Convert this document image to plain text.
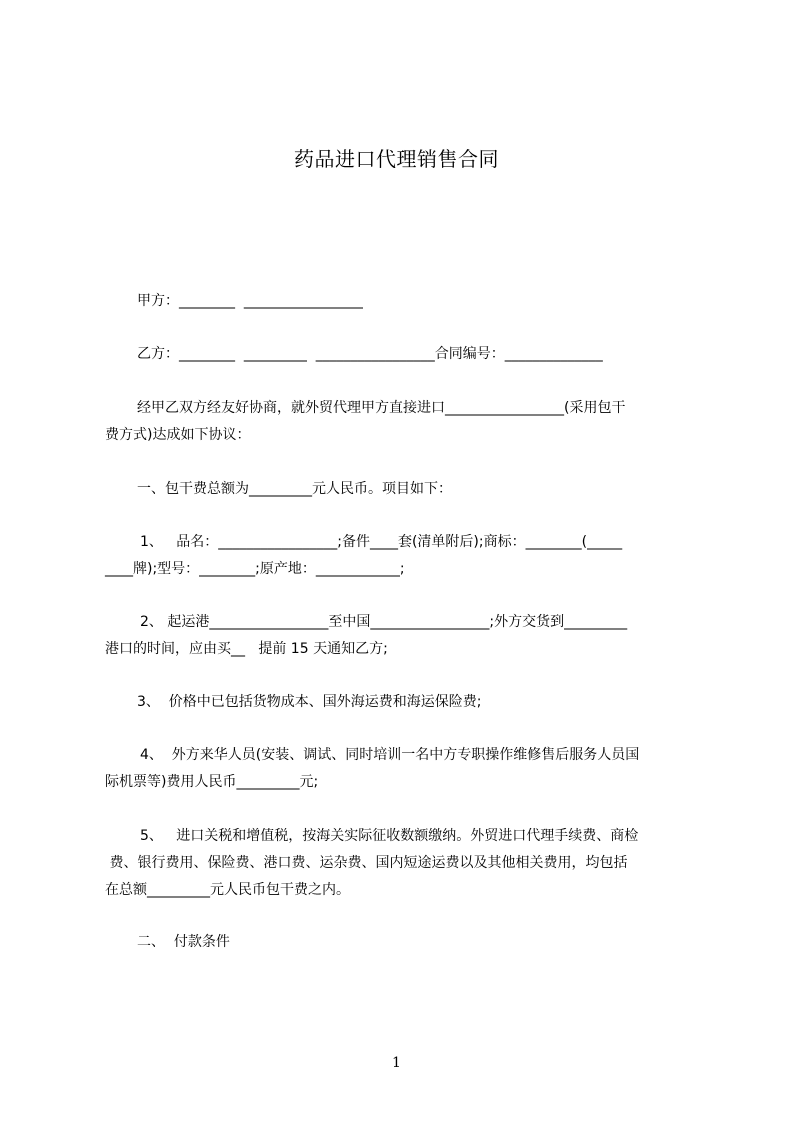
药品进口代理销售合同
甲方：________  _________________
乙方：________  _________  _________________合同编号：______________
经甲乙双方经友好协商，就外贸代理甲方直接进口_________________(采用包干
费方式)达成如下协议：
一、包干费总额为_________元人民币。项目如下：
1、   品名：_________________;备件____套(清单附后);商标：________(_____
____牌);型号：________;原产地：____________;
2、 起运港_________________至中国_________________;外方交货到_________
港口的时间，应由买__   提前 15 天通知乙方;
3、  价格中已包括货物成本、国外海运费和海运保险费;
4、  外方来华人员(安装、调试、同时培训一名中方专职操作维修售后服务人员国
际机票等)费用人民币_________元;
5、   进口关税和增值税，按海关实际征收数额缴纳。外贸进口代理手续费、商检
费、银行费用、保险费、港口费、运杂费、国内短途运费以及其他相关费用，均包括
在总额_________元人民币包干费之内。
二、  付款条件
1
